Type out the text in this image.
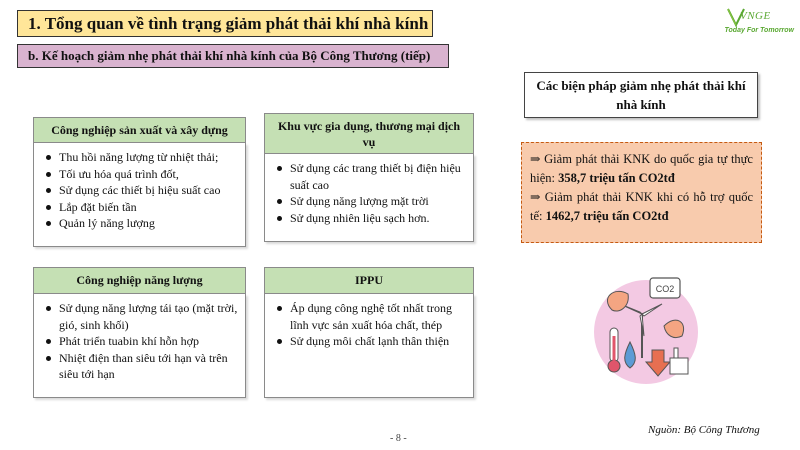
1. Tổng quan về tình trạng giảm phát thải khí nhà kính
b. Kế hoạch giảm nhẹ phát thải khí nhà kính của Bộ Công Thương (tiếp)
VNGE
Today For Tomorrow
Công nghiệp sản xuất và xây dựng
Thu hồi năng lượng từ nhiệt thải;
Tối ưu hóa quá trình đốt,
Sử dụng các thiết bị hiệu suất cao
Lắp đặt biến tần
Quản lý năng lượng
Khu vực gia dụng, thương mại dịch vụ
Sử dụng các trang thiết bị điện hiệu suất cao
Sử dụng năng lượng mặt trời
Sử dụng nhiên liệu sạch hơn.
Công nghiệp năng lượng
Sử dụng năng lượng tái tạo (mặt trời, gió, sinh khối)
Phát triển tuabin khí hỗn hợp
Nhiệt điện than siêu tới hạn và trên siêu tới hạn
IPPU
Áp dụng công nghệ tốt nhất trong lĩnh vực sản xuất hóa chất, thép
Sử dụng môi chất lạnh thân thiện
Các biện pháp giảm nhẹ phát thải khí nhà kính
⇒ Giảm phát thải KNK do quốc gia tự thực hiện: 358,7 triệu tấn CO2tđ
⇒ Giảm phát thải KNK khi có hỗ trợ quốc tế: 1462,7 triệu tấn CO2tđ
CO2
Nguồn: Bộ Công Thương
- 8 -
